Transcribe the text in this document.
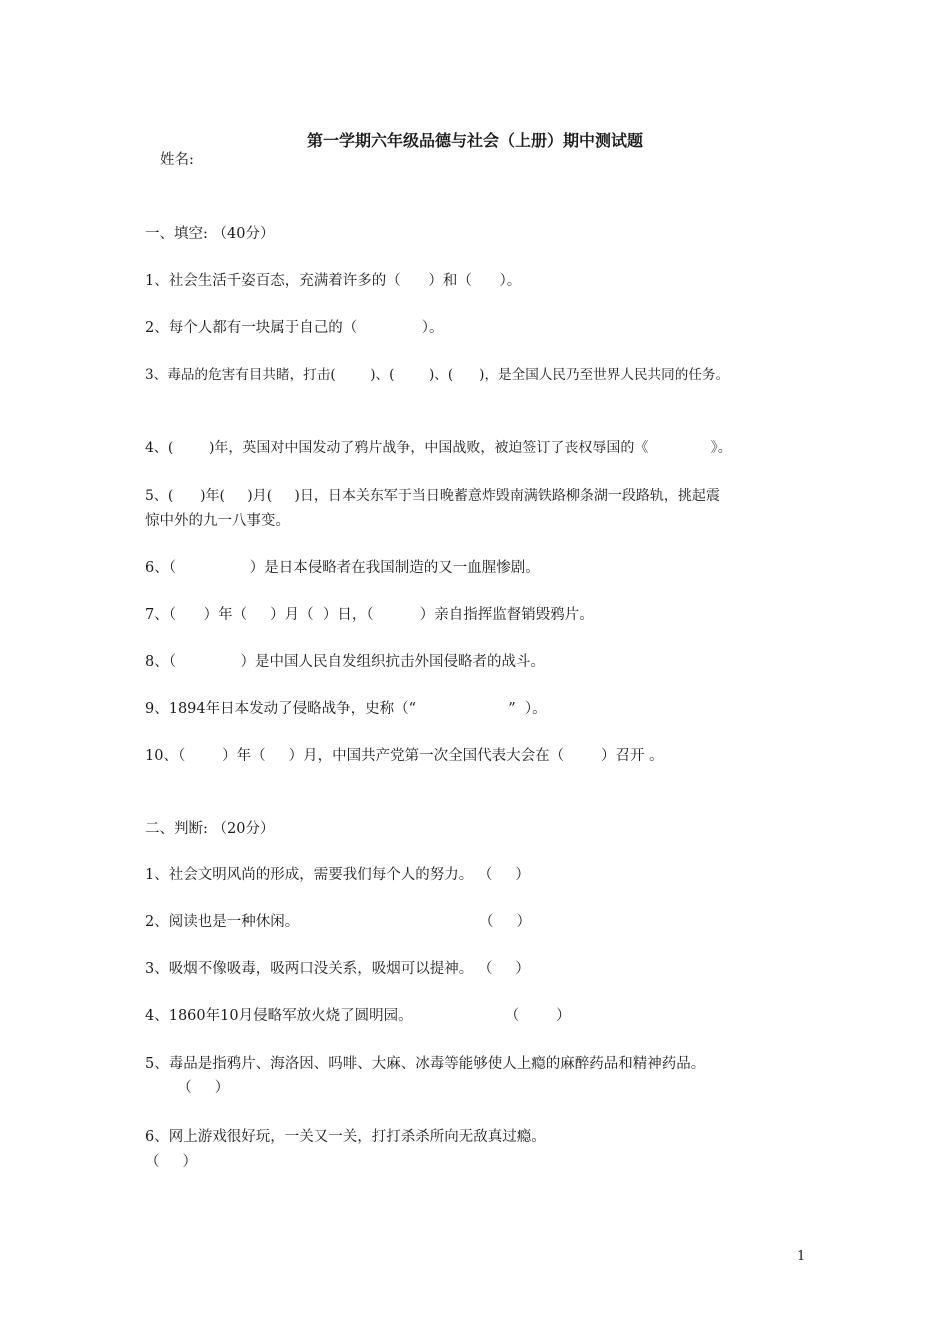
第一学期六年级品德与社会（上册）期中测试题
姓名:
一、填空: （40分）
1、社会生活千姿百态，充满着许多的（      ）和（      ）。
2、每个人都有一块属于自己的（              ）。
3、毒品的危害有目共睹，打击(        )、(        )、(      )，是全国人民乃至世界人民共同的任务。
4、(        )年，英国对中国发动了鸦片战争，中国战败，被迫签订了丧权辱国的《              》。
5、(      )年(     )月(     )日，日本关东军于当日晚蓄意炸毁南满铁路柳条湖一段路轨，挑起震
惊中外的九一八事变。
6、（                ）是日本侵略者在我国制造的又一血腥惨剧。
7、（      ）年（     ）月（  ）日，（          ）亲自指挥监督销毁鸦片。
8、（              ）是中国人民自发组织抗击外国侵略者的战斗。
9、1894年日本发动了侵略战争，史称（“                    ”  ）。
10、（        ）年（     ）月，中国共产党第一次全国代表大会在（        ）召开 。
二、判断: （20分）
1、社会文明风尚的形成，需要我们每个人的努力。 （     ）
2、阅读也是一种休闲。                                       （     ）
3、吸烟不像吸毒，吸两口没关系，吸烟可以提神。 （     ）
4、1860年10月侵略军放火烧了圆明园。                    （        ）
5、毒品是指鸦片、海洛因、吗啡、大麻、冰毒等能够使人上瘾的麻醉药品和精神药品。
（     ）
6、网上游戏很好玩，一关又一关，打打杀杀所向无敌真过瘾。
（     ）
1
